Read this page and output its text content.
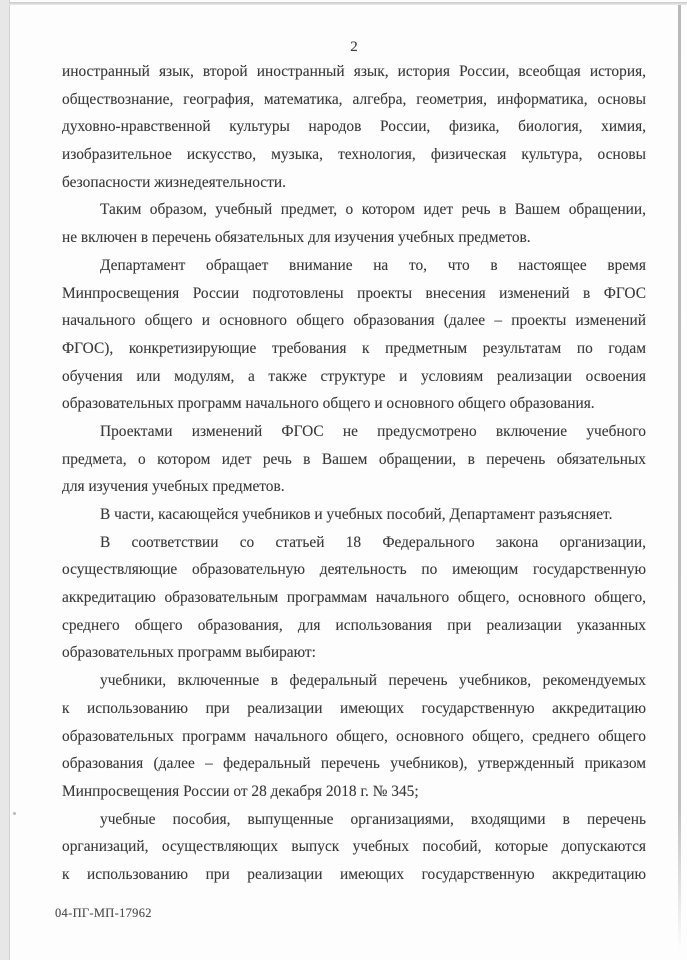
2
иностранный язык, второй иностранный язык, история России, всеобщая история,
обществознание, география, математика, алгебра, геометрия, информатика, основы
духовно-нравственной культуры народов России, физика, биология, химия,
изобразительное искусство, музыка, технология, физическая культура, основы
безопасности жизнедеятельности.
Таким образом, учебный предмет, о котором идет речь в Вашем обращении,
не включен в перечень обязательных для изучения учебных предметов.
Департамент обращает внимание на то, что в настоящее время
Минпросвещения России подготовлены проекты внесения изменений в ФГОС
начального общего и основного общего образования (далее – проекты изменений
ФГОС), конкретизирующие требования к предметным результатам по годам
обучения или модулям, а также структуре и условиям реализации освоения
образовательных программ начального общего и основного общего образования.
Проектами изменений ФГОС не предусмотрено включение учебного
предмета, о котором идет речь в Вашем обращении, в перечень обязательных
для изучения учебных предметов.
В части, касающейся учебников и учебных пособий, Департамент разъясняет.
В соответствии со статьей 18 Федерального закона организации,
осуществляющие образовательную деятельность по имеющим государственную
аккредитацию образовательным программам начального общего, основного общего,
среднего общего образования, для использования при реализации указанных
образовательных программ выбирают:
учебники, включенные в федеральный перечень учебников, рекомендуемых
к использованию при реализации имеющих государственную аккредитацию
образовательных программ начального общего, основного общего, среднего общего
образования (далее – федеральный перечень учебников), утвержденный приказом
Минпросвещения России от 28 декабря 2018 г. № 345;
учебные пособия, выпущенные организациями, входящими в перечень
организаций, осуществляющих выпуск учебных пособий, которые допускаются
к использованию при реализации имеющих государственную аккредитацию
04-ПГ-МП-17962
